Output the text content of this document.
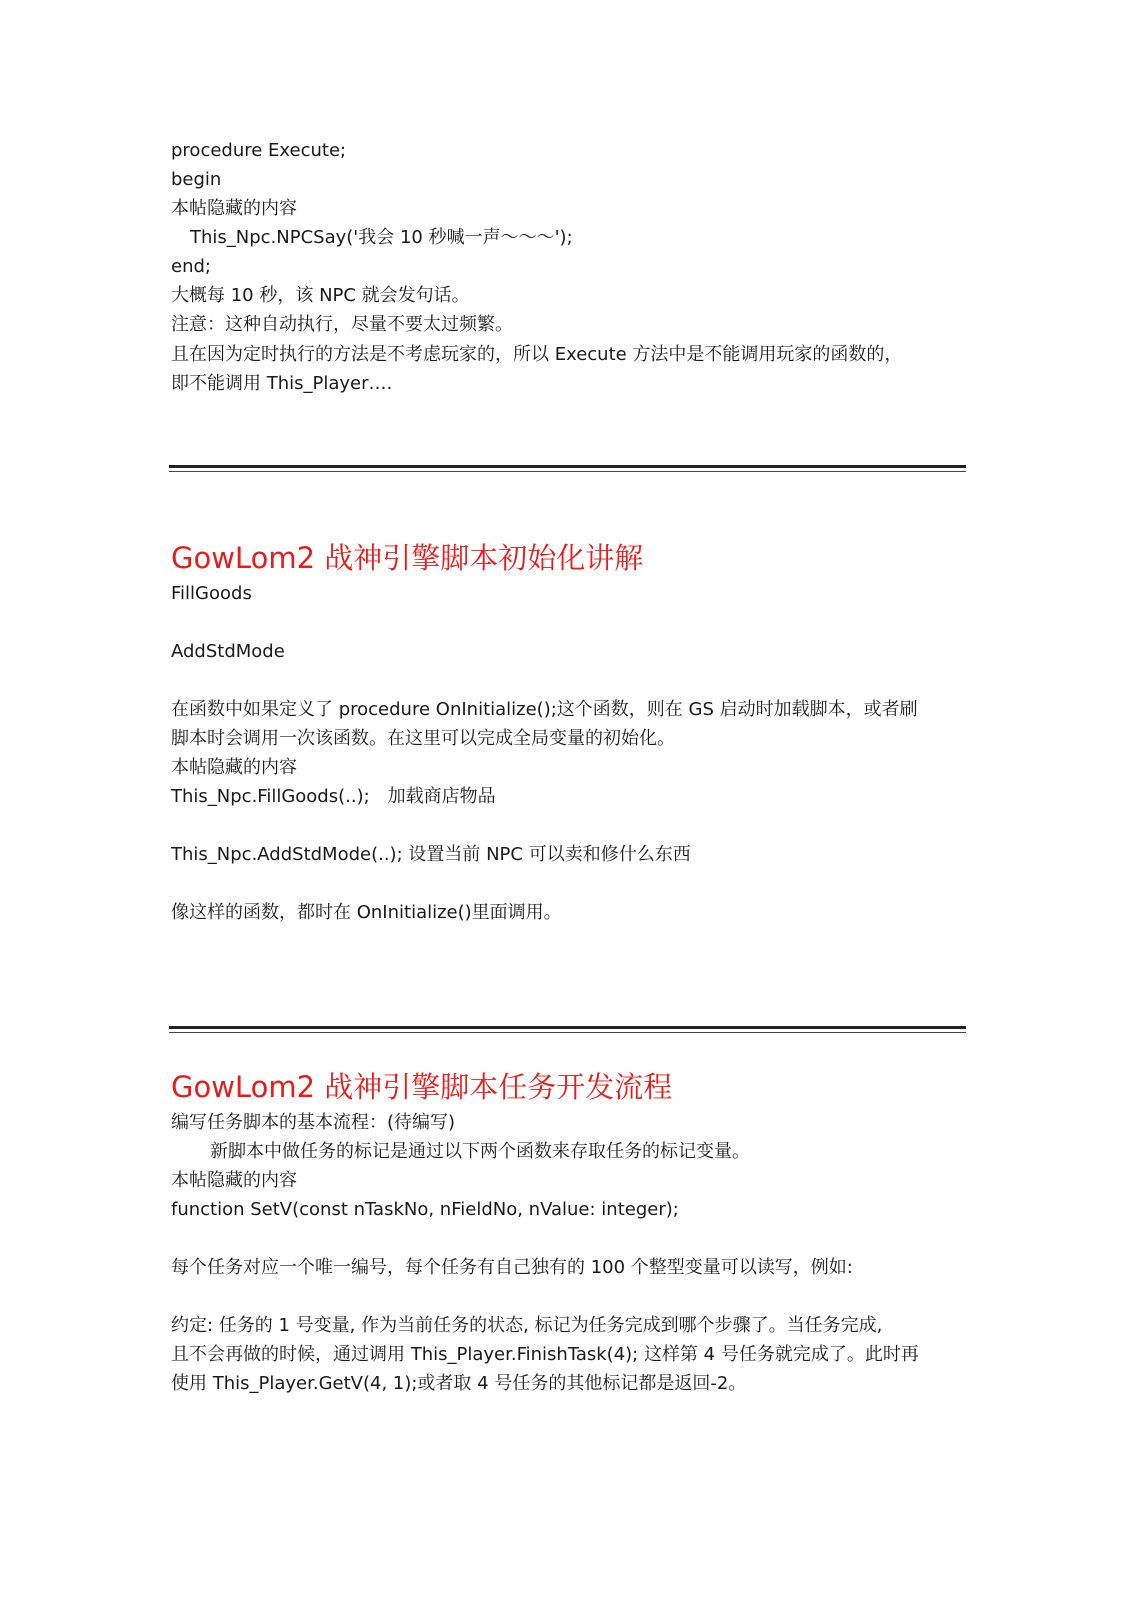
procedure Execute;
begin
本帖隐藏的内容
This_Npc.NPCSay('我会 10 秒喊一声～～～');
end;
大概每 10 秒，该 NPC 就会发句话。
注意：这种自动执行，尽量不要太过频繁。
且在因为定时执行的方法是不考虑玩家的，所以 Execute 方法中是不能调用玩家的函数的，
即不能调用 This_Player….
GowLom2 战神引擎脚本初始化讲解
FillGoods
AddStdMode
在函数中如果定义了 procedure OnInitialize();这个函数，则在 GS 启动时加载脚本，或者刷
脚本时会调用一次该函数。在这里可以完成全局变量的初始化。
本帖隐藏的内容
This_Npc.FillGoods(..);　加载商店物品
This_Npc.AddStdMode(..); 设置当前 NPC 可以卖和修什么东西
像这样的函数，都时在 OnInitialize()里面调用。
GowLom2 战神引擎脚本任务开发流程
编写任务脚本的基本流程：(待编写)
新脚本中做任务的标记是通过以下两个函数来存取任务的标记变量。
本帖隐藏的内容
function SetV(const nTaskNo, nFieldNo, nValue: integer);
每个任务对应一个唯一编号，每个任务有自己独有的 100 个整型变量可以读写，例如:
约定: 任务的 1 号变量, 作为当前任务的状态, 标记为任务完成到哪个步骤了。当任务完成,
且不会再做的时候，通过调用 This_Player.FinishTask(4); 这样第 4 号任务就完成了。此时再
使用 This_Player.GetV(4, 1);或者取 4 号任务的其他标记都是返回-2。
